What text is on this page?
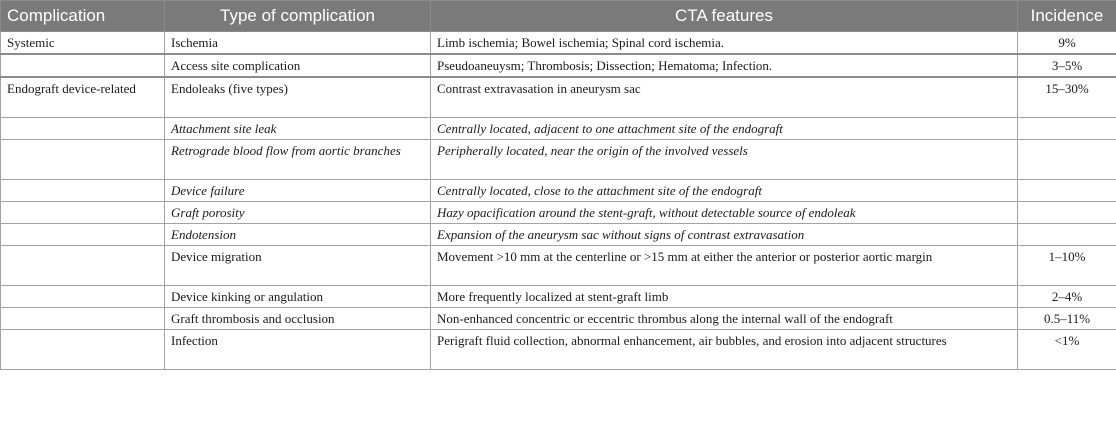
Complication	Type of complication	CTA features	Incidence
Systemic	Ischemia	Limb ischemia; Bowel ischemia; Spinal cord ischemia.	9%
	Access site complication	Pseudoaneuysm; Thrombosis; Dissection; Hematoma; Infection.	3–5%
Endograft device-related	Endoleaks (five types)	Contrast extravasation in aneurysm sac	15–30%
	Attachment site leak	Centrally located, adjacent to one attachment site of the endograft	
	Retrograde blood flow from aortic branches	Peripherally located, near the origin of the involved vessels	
	Device failure	Centrally located, close to the attachment site of the endograft	
	Graft porosity	Hazy opacification around the stent-graft, without detectable source of endoleak	
	Endotension	Expansion of the aneurysm sac without signs of contrast extravasation	
	Device migration	Movement >10 mm at the centerline or >15 mm at either the anterior or posterior aortic margin	1–10%
	Device kinking or angulation	More frequently localized at stent-graft limb	2–4%
	Graft thrombosis and occlusion	Non-enhanced concentric or eccentric thrombus along the internal wall of the endograft	0.5–11%
	Infection	Perigraft fluid collection, abnormal enhancement, air bubbles, and erosion into adjacent structures	<1%
